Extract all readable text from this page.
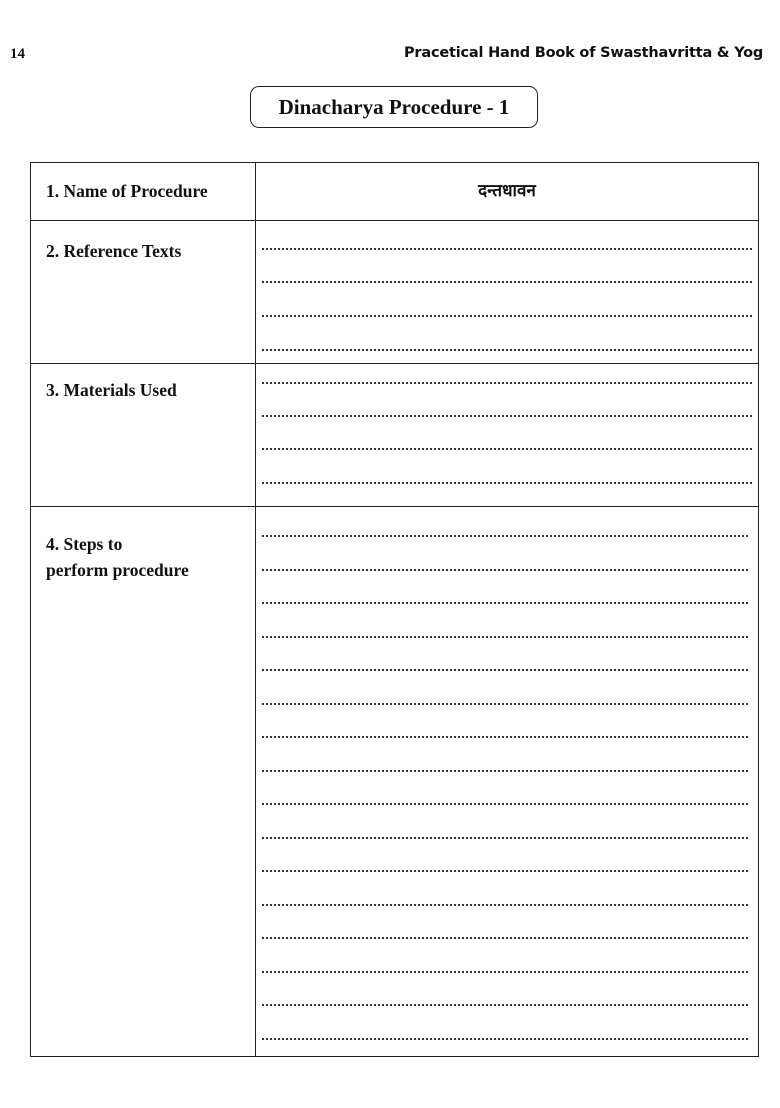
14	Pracetical Hand Book of Swasthavritta & Yog
Dinacharya Procedure - 1
1. Name of Procedure	दन्तधावन
2. Reference Texts
3. Materials Used
4. Steps to
perform procedure
